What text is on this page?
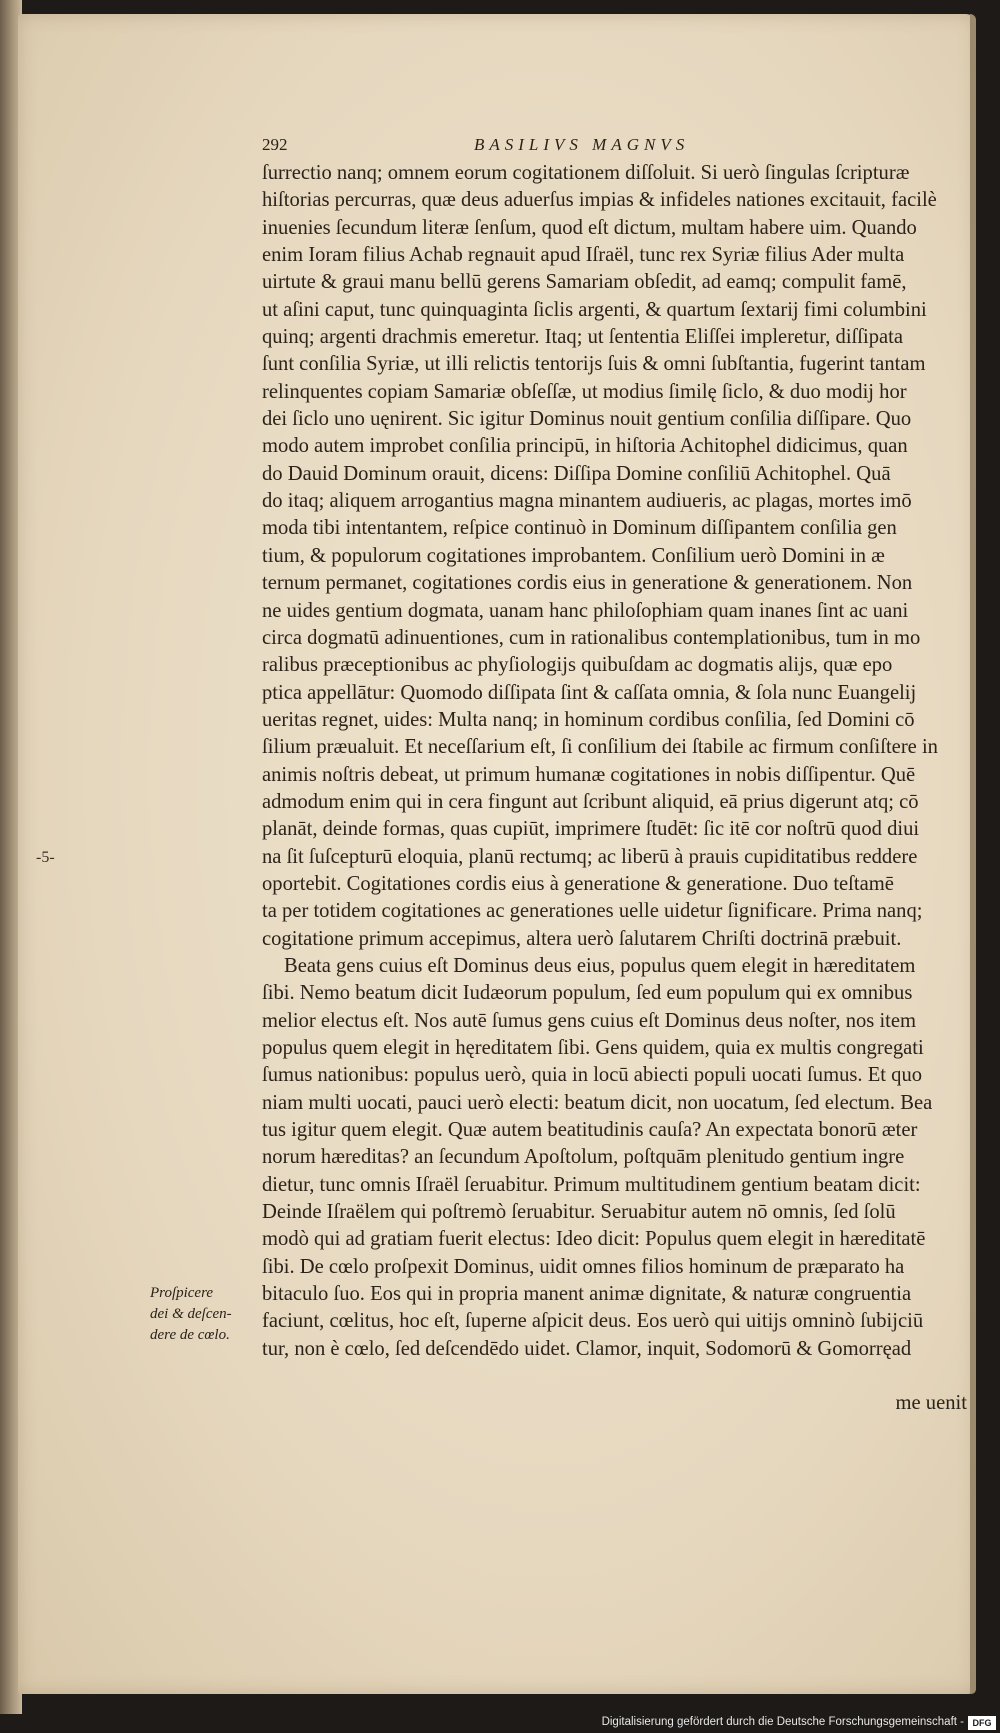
292	BASILIVS MAGNVS
-5-
ſurrectio nanq; omnem eorum cogitationem diſſoluit. Si uerò ſingulas ſcripturæ
hiſtorias percurras, quæ deus aduerſus impias & infideles nationes excitauit, facilè
inuenies ſecundum literæ ſenſum, quod eſt dictum, multam habere uim. Quando
enim Ioram filius Achab regnauit apud Iſraël, tunc rex Syriæ filius Ader multa
uirtute & graui manu bellū gerens Samariam obſedit, ad eamq; compulit famē,
ut aſini caput, tunc quinquaginta ſiclis argenti, & quartum ſextarij fimi columbini
quinq; argenti drachmis emeretur. Itaq; ut ſententia Eliſſei impleretur, diſſipata
ſunt conſilia Syriæ, ut illi relictis tentorijs ſuis & omni ſubſtantia, fugerint tantam
relinquentes copiam Samariæ obſeſſæ, ut modius ſimilę ſiclo, & duo modij hor
dei ſiclo uno uęnirent. Sic igitur Dominus nouit gentium conſilia diſſipare. Quo
modo autem improbet conſilia principū, in hiſtoria Achitophel didicimus, quan
do Dauid Dominum orauit, dicens: Diſſipa Domine conſiliū Achitophel. Quā
do itaq; aliquem arrogantius magna minantem audiueris, ac plagas, mortes imō
moda tibi intentantem, reſpice continuò in Dominum diſſipantem conſilia gen
tium, & populorum cogitationes improbantem. Conſilium uerò Domini in æ
ternum permanet, cogitationes cordis eius in generatione & generationem. Non
ne uides gentium dogmata, uanam hanc philoſophiam quam inanes ſint ac uani
circa dogmatū adinuentiones, cum in rationalibus contemplationibus, tum in mo
ralibus præceptionibus ac phyſiologijs quibuſdam ac dogmatis alijs, quæ epo
ptica appellātur: Quomodo diſſipata ſint & caſſata omnia, & ſola nunc Euangelij
ueritas regnet, uides: Multa nanq; in hominum cordibus conſilia, ſed Domini cō
ſilium præualuit. Et neceſſarium eſt, ſi conſilium dei ſtabile ac firmum conſiſtere in
animis noſtris debeat, ut primum humanæ cogitationes in nobis diſſipentur. Quē
admodum enim qui in cera fingunt aut ſcribunt aliquid, eā prius digerunt atq; cō
planāt, deinde formas, quas cupiūt, imprimere ſtudēt: ſic itē cor noſtrū quod diui
na ſit ſuſcepturū eloquia, planū rectumq; ac liberū à prauis cupiditatibus reddere
oportebit. Cogitationes cordis eius à generatione & generatione. Duo teſtamē
ta per totidem cogitationes ac generationes uelle uidetur ſignificare. Prima nanq;
cogitatione primum accepimus, altera uerò ſalutarem Chriſti doctrinā præbuit.
Beata gens cuius eſt Dominus deus eius, populus quem elegit in hæreditatem
ſibi. Nemo beatum dicit Iudæorum populum, ſed eum populum qui ex omnibus
melior electus eſt. Nos autē ſumus gens cuius eſt Dominus deus noſter, nos item
populus quem elegit in hęreditatem ſibi. Gens quidem, quia ex multis congregati
ſumus nationibus: populus uerò, quia in locū abiecti populi uocati ſumus. Et quo
niam multi uocati, pauci uerò electi: beatum dicit, non uocatum, ſed electum. Bea
tus igitur quem elegit. Quæ autem beatitudinis cauſa? An expectata bonorū æter
norum hæreditas? an ſecundum Apoſtolum, poſtquām plenitudo gentium ingre
dietur, tunc omnis Iſraël ſeruabitur. Primum multitudinem gentium beatam dicit:
Deinde Iſraëlem qui poſtremò ſeruabitur. Seruabitur autem nō omnis, ſed ſolū
modò qui ad gratiam fuerit electus: Ideo dicit: Populus quem elegit in hæreditatē
ſibi. De cœlo proſpexit Dominus, uidit omnes filios hominum de præparato ha
bitaculo ſuo. Eos qui in propria manent animæ dignitate, & naturæ congruentia
faciunt, cœlitus, hoc eſt, ſuperne aſpicit deus. Eos uerò qui uitijs omninò ſubijciū
tur, non è cœlo, ſed deſcendēdo uidet. Clamor, inquit, Sodomorū & Gomorręad
me uenit
Proſpicere
dei & deſcen-
dere de cœlo.
Digitalisierung gefördert durch die Deutsche Forschungsgemeinschaft - DFG
